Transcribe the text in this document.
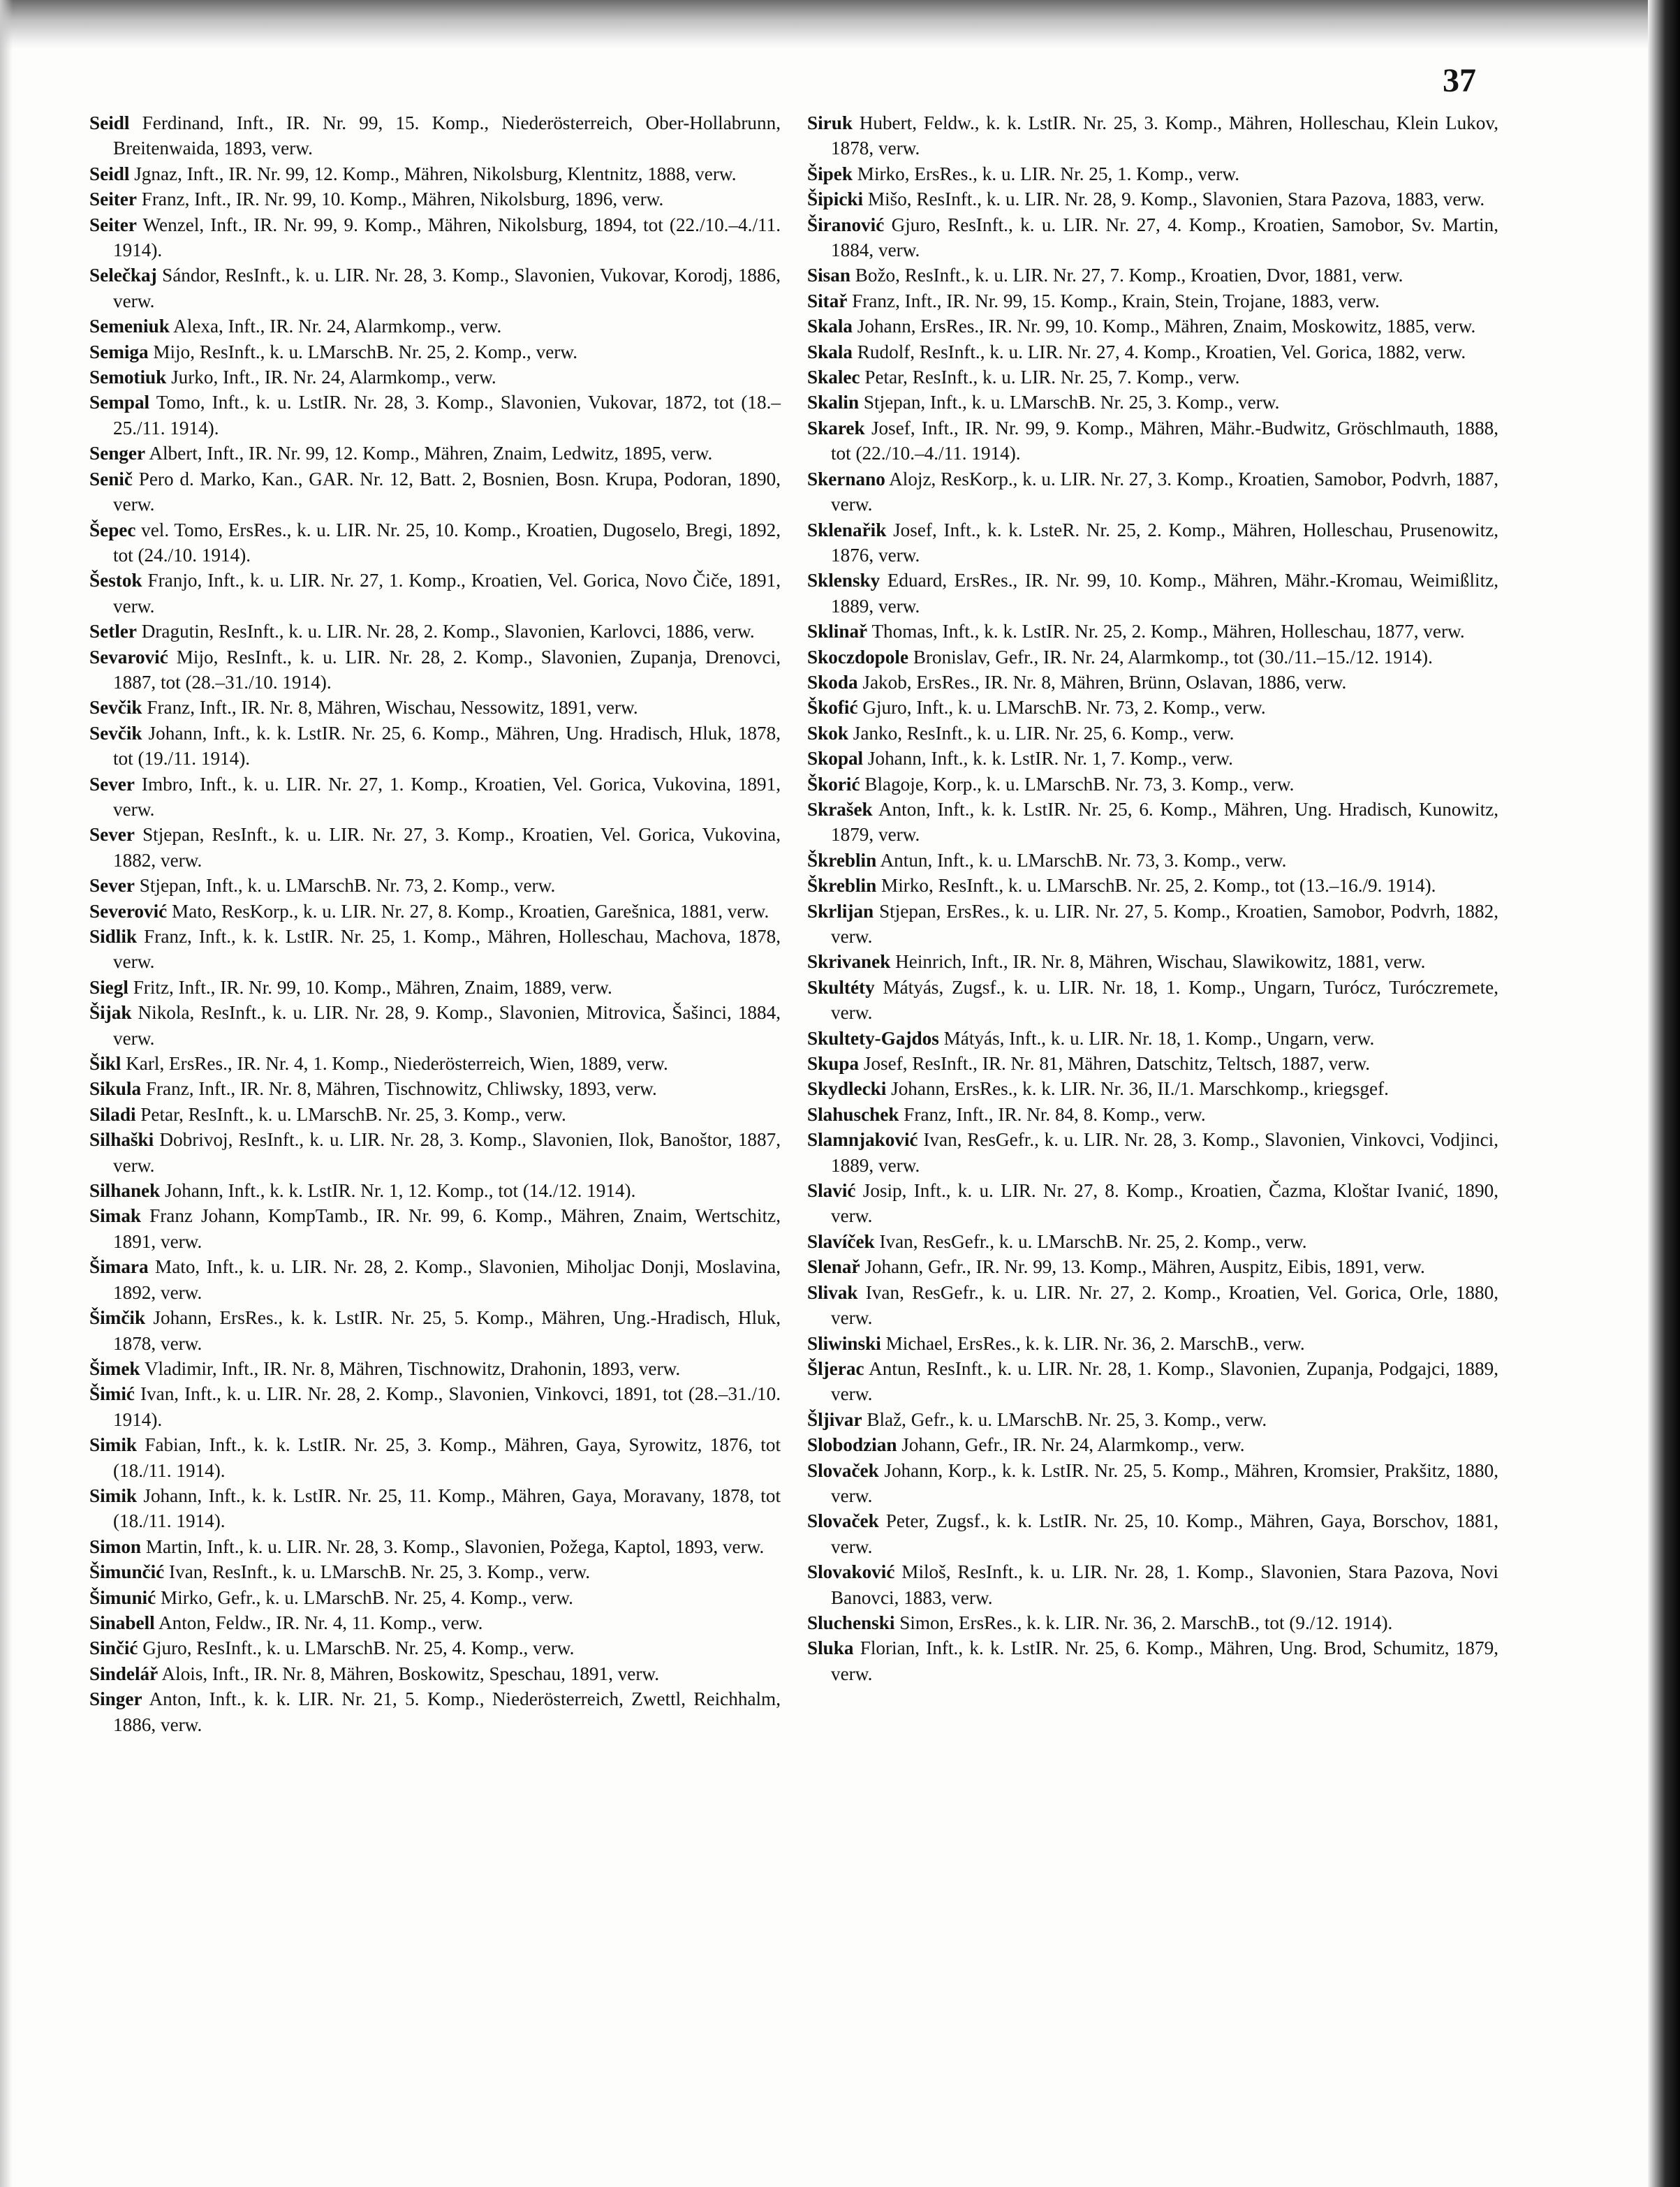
37

Seidl Ferdinand, Inft., IR. Nr. 99, 15. Komp., Niederösterreich, Ober-Hollabrunn, Breitenwaida, 1893, verw.

Seidl Jgnaz, Inft., IR. Nr. 99, 12. Komp., Mähren, Nikolsburg, Klentnitz, 1888, verw.

Seiter Franz, Inft., IR. Nr. 99, 10. Komp., Mähren, Nikolsburg, 1896, verw.

Seiter Wenzel, Inft., IR. Nr. 99, 9. Komp., Mähren, Nikolsburg, 1894, tot (22./10.–4./11. 1914).

Selečkaj Sándor, ResInft., k. u. LIR. Nr. 28, 3. Komp., Slavonien, Vukovar, Korodj, 1886, verw.

Semeniuk Alexa, Inft., IR. Nr. 24, Alarmkomp., verw.

Semiga Mijo, ResInft., k. u. LMarschB. Nr. 25, 2. Komp., verw.

Semotiuk Jurko, Inft., IR. Nr. 24, Alarmkomp., verw.

Sempal Tomo, Inft., k. u. LstIR. Nr. 28, 3. Komp., Slavonien, Vukovar, 1872, tot (18.–25./11. 1914).

Senger Albert, Inft., IR. Nr. 99, 12. Komp., Mähren, Znaim, Ledwitz, 1895, verw.

Senič Pero d. Marko, Kan., GAR. Nr. 12, Batt. 2, Bosnien, Bosn. Krupa, Podoran, 1890, verw.

Šepec vel. Tomo, ErsRes., k. u. LIR. Nr. 25, 10. Komp., Kroatien, Dugoselo, Bregi, 1892, tot (24./10. 1914).

Šestok Franjo, Inft., k. u. LIR. Nr. 27, 1. Komp., Kroatien, Vel. Gorica, Novo Čiče, 1891, verw.

Setler Dragutin, ResInft., k. u. LIR. Nr. 28, 2. Komp., Slavonien, Karlovci, 1886, verw.

Sevarović Mijo, ResInft., k. u. LIR. Nr. 28, 2. Komp., Slavonien, Zupanja, Drenovci, 1887, tot (28.–31./10. 1914).

Sevčik Franz, Inft., IR. Nr. 8, Mähren, Wischau, Nessowitz, 1891, verw.

Sevčik Johann, Inft., k. k. LstIR. Nr. 25, 6. Komp., Mähren, Ung. Hradisch, Hluk, 1878, tot (19./11. 1914).

Sever Imbro, Inft., k. u. LIR. Nr. 27, 1. Komp., Kroatien, Vel. Gorica, Vukovina, 1891, verw.

Sever Stjepan, ResInft., k. u. LIR. Nr. 27, 3. Komp., Kroatien, Vel. Gorica, Vukovina, 1882, verw.

Sever Stjepan, Inft., k. u. LMarschB. Nr. 73, 2. Komp., verw.

Severović Mato, ResKorp., k. u. LIR. Nr. 27, 8. Komp., Kroatien, Garešnica, 1881, verw.

Sidlik Franz, Inft., k. k. LstIR. Nr. 25, 1. Komp., Mähren, Holleschau, Machova, 1878, verw.

Siegl Fritz, Inft., IR. Nr. 99, 10. Komp., Mähren, Znaim, 1889, verw.

Šijak Nikola, ResInft., k. u. LIR. Nr. 28, 9. Komp., Slavonien, Mitrovica, Šašinci, 1884, verw.

Šikl Karl, ErsRes., IR. Nr. 4, 1. Komp., Niederösterreich, Wien, 1889, verw.

Sikula Franz, Inft., IR. Nr. 8, Mähren, Tischnowitz, Chliwsky, 1893, verw.

Siladi Petar, ResInft., k. u. LMarschB. Nr. 25, 3. Komp., verw.

Silhaški Dobrivoj, ResInft., k. u. LIR. Nr. 28, 3. Komp., Slavonien, Ilok, Banoštor, 1887, verw.

Silhanek Johann, Inft., k. k. LstIR. Nr. 1, 12. Komp., tot (14./12. 1914).

Simak Franz Johann, KompTamb., IR. Nr. 99, 6. Komp., Mähren, Znaim, Wertschitz, 1891, verw.

Šimara Mato, Inft., k. u. LIR. Nr. 28, 2. Komp., Slavonien, Miholjac Donji, Moslavina, 1892, verw.

Šimčik Johann, ErsRes., k. k. LstIR. Nr. 25, 5. Komp., Mähren, Ung.-Hradisch, Hluk, 1878, verw.

Šimek Vladimir, Inft., IR. Nr. 8, Mähren, Tischnowitz, Drahonin, 1893, verw.

Šimić Ivan, Inft., k. u. LIR. Nr. 28, 2. Komp., Slavonien, Vinkovci, 1891, tot (28.–31./10. 1914).

Simik Fabian, Inft., k. k. LstIR. Nr. 25, 3. Komp., Mähren, Gaya, Syrowitz, 1876, tot (18./11. 1914).

Simik Johann, Inft., k. k. LstIR. Nr. 25, 11. Komp., Mähren, Gaya, Moravany, 1878, tot (18./11. 1914).

Simon Martin, Inft., k. u. LIR. Nr. 28, 3. Komp., Slavonien, Požega, Kaptol, 1893, verw.

Šimunčić Ivan, ResInft., k. u. LMarschB. Nr. 25, 3. Komp., verw.

Šimunić Mirko, Gefr., k. u. LMarschB. Nr. 25, 4. Komp., verw.

Sinabell Anton, Feldw., IR. Nr. 4, 11. Komp., verw.

Sinčić Gjuro, ResInft., k. u. LMarschB. Nr. 25, 4. Komp., verw.

Sindelář Alois, Inft., IR. Nr. 8, Mähren, Boskowitz, Speschau, 1891, verw.

Singer Anton, Inft., k. k. LIR. Nr. 21, 5. Komp., Niederösterreich, Zwettl, Reichhalm, 1886, verw.

Siruk Hubert, Feldw., k. k. LstIR. Nr. 25, 3. Komp., Mähren, Holleschau, Klein Lukov, 1878, verw.

Šipek Mirko, ErsRes., k. u. LIR. Nr. 25, 1. Komp., verw.

Šipicki Mišo, ResInft., k. u. LIR. Nr. 28, 9. Komp., Slavonien, Stara Pazova, 1883, verw.

Širanović Gjuro, ResInft., k. u. LIR. Nr. 27, 4. Komp., Kroatien, Samobor, Sv. Martin, 1884, verw.

Sisan Božo, ResInft., k. u. LIR. Nr. 27, 7. Komp., Kroatien, Dvor, 1881, verw.

Sitař Franz, Inft., IR. Nr. 99, 15. Komp., Krain, Stein, Trojane, 1883, verw.

Skala Johann, ErsRes., IR. Nr. 99, 10. Komp., Mähren, Znaim, Moskowitz, 1885, verw.

Skala Rudolf, ResInft., k. u. LIR. Nr. 27, 4. Komp., Kroatien, Vel. Gorica, 1882, verw.

Skalec Petar, ResInft., k. u. LIR. Nr. 25, 7. Komp., verw.

Skalin Stjepan, Inft., k. u. LMarschB. Nr. 25, 3. Komp., verw.

Skarek Josef, Inft., IR. Nr. 99, 9. Komp., Mähren, Mähr.-Budwitz, Gröschlmauth, 1888, tot (22./10.–4./11. 1914).

Skernano Alojz, ResKorp., k. u. LIR. Nr. 27, 3. Komp., Kroatien, Samobor, Podvrh, 1887, verw.

Sklenařik Josef, Inft., k. k. LsteR. Nr. 25, 2. Komp., Mähren, Holleschau, Prusenowitz, 1876, verw.

Sklensky Eduard, ErsRes., IR. Nr. 99, 10. Komp., Mähren, Mähr.-Kromau, Weimißlitz, 1889, verw.

Sklinař Thomas, Inft., k. k. LstIR. Nr. 25, 2. Komp., Mähren, Holleschau, 1877, verw.

Skoczdopole Bronislav, Gefr., IR. Nr. 24, Alarmkomp., tot (30./11.–15./12. 1914).

Skoda Jakob, ErsRes., IR. Nr. 8, Mähren, Brünn, Oslavan, 1886, verw.

Škofić Gjuro, Inft., k. u. LMarschB. Nr. 73, 2. Komp., verw.

Skok Janko, ResInft., k. u. LIR. Nr. 25, 6. Komp., verw.

Skopal Johann, Inft., k. k. LstIR. Nr. 1, 7. Komp., verw.

Škorić Blagoje, Korp., k. u. LMarschB. Nr. 73, 3. Komp., verw.

Skrašek Anton, Inft., k. k. LstIR. Nr. 25, 6. Komp., Mähren, Ung. Hradisch, Kunowitz, 1879, verw.

Škreblin Antun, Inft., k. u. LMarschB. Nr. 73, 3. Komp., verw.

Škreblin Mirko, ResInft., k. u. LMarschB. Nr. 25, 2. Komp., tot (13.–16./9. 1914).

Skrlijan Stjepan, ErsRes., k. u. LIR. Nr. 27, 5. Komp., Kroatien, Samobor, Podvrh, 1882, verw.

Skrivanek Heinrich, Inft., IR. Nr. 8, Mähren, Wischau, Slawikowitz, 1881, verw.

Skultéty Mátyás, Zugsf., k. u. LIR. Nr. 18, 1. Komp., Ungarn, Turócz, Turóczremete, verw.

Skultety-Gajdos Mátyás, Inft., k. u. LIR. Nr. 18, 1. Komp., Ungarn, verw.

Skupa Josef, ResInft., IR. Nr. 81, Mähren, Datschitz, Teltsch, 1887, verw.

Skydlecki Johann, ErsRes., k. k. LIR. Nr. 36, II./1. Marschkomp., kriegsgef.

Slahuschek Franz, Inft., IR. Nr. 84, 8. Komp., verw.

Slamnjaković Ivan, ResGefr., k. u. LIR. Nr. 28, 3. Komp., Slavonien, Vinkovci, Vodjinci, 1889, verw.

Slavić Josip, Inft., k. u. LIR. Nr. 27, 8. Komp., Kroatien, Čazma, Kloštar Ivanić, 1890, verw.

Slavíček Ivan, ResGefr., k. u. LMarschB. Nr. 25, 2. Komp., verw.

Slenař Johann, Gefr., IR. Nr. 99, 13. Komp., Mähren, Auspitz, Eibis, 1891, verw.

Slivak Ivan, ResGefr., k. u. LIR. Nr. 27, 2. Komp., Kroatien, Vel. Gorica, Orle, 1880, verw.

Sliwinski Michael, ErsRes., k. k. LIR. Nr. 36, 2. MarschB., verw.

Šljerac Antun, ResInft., k. u. LIR. Nr. 28, 1. Komp., Slavonien, Zupanja, Podgajci, 1889, verw.

Šljivar Blaž, Gefr., k. u. LMarschB. Nr. 25, 3. Komp., verw.

Slobodzian Johann, Gefr., IR. Nr. 24, Alarmkomp., verw.

Slovaček Johann, Korp., k. k. LstIR. Nr. 25, 5. Komp., Mähren, Kromsier, Prakšitz, 1880, verw.

Slovaček Peter, Zugsf., k. k. LstIR. Nr. 25, 10. Komp., Mähren, Gaya, Borschov, 1881, verw.

Slovaković Miloš, ResInft., k. u. LIR. Nr. 28, 1. Komp., Slavonien, Stara Pazova, Novi Banovci, 1883, verw.

Sluchenski Simon, ErsRes., k. k. LIR. Nr. 36, 2. MarschB., tot (9./12. 1914).

Sluka Florian, Inft., k. k. LstIR. Nr. 25, 6. Komp., Mähren, Ung. Brod, Schumitz, 1879, verw.
